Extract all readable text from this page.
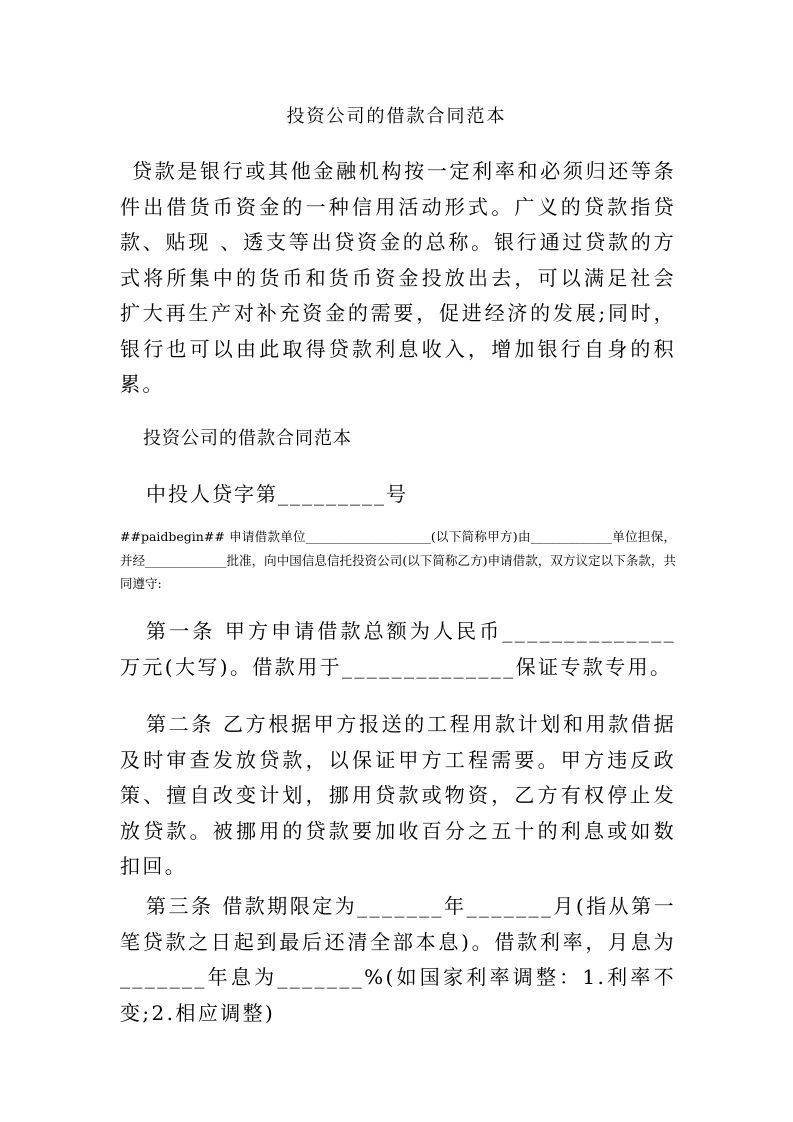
投资公司的借款合同范本
贷款是银行或其他金融机构按一定利率和必须归还等条件出借货币资金的一种信用活动形式。广义的贷款指贷款、贴现 、透支等出贷资金的总称。银行通过贷款的方式将所集中的货币和货币资金投放出去，可以满足社会扩大再生产对补充资金的需要，促进经济的发展;同时，银行也可以由此取得贷款利息收入，增加银行自身的积累。
投资公司的借款合同范本
中投人贷字第_________号
##paidbegin## 申请借款单位____________________(以下简称甲方)由_____________单位担保，并经_____________批准，向中国信息信托投资公司(以下简称乙方)申请借款，双方议定以下条款，共同遵守:
第一条 甲方申请借款总额为人民币______________万元(大写)。借款用于______________保证专款专用。
第二条 乙方根据甲方报送的工程用款计划和用款借据及时审查发放贷款，以保证甲方工程需要。甲方违反政策、擅自改变计划，挪用贷款或物资，乙方有权停止发放贷款。被挪用的贷款要加收百分之五十的利息或如数扣回。
第三条 借款期限定为_______年_______月(指从第一笔贷款之日起到最后还清全部本息)。借款利率，月息为_______年息为_______%(如国家利率调整：1.利率不变;2.相应调整)
